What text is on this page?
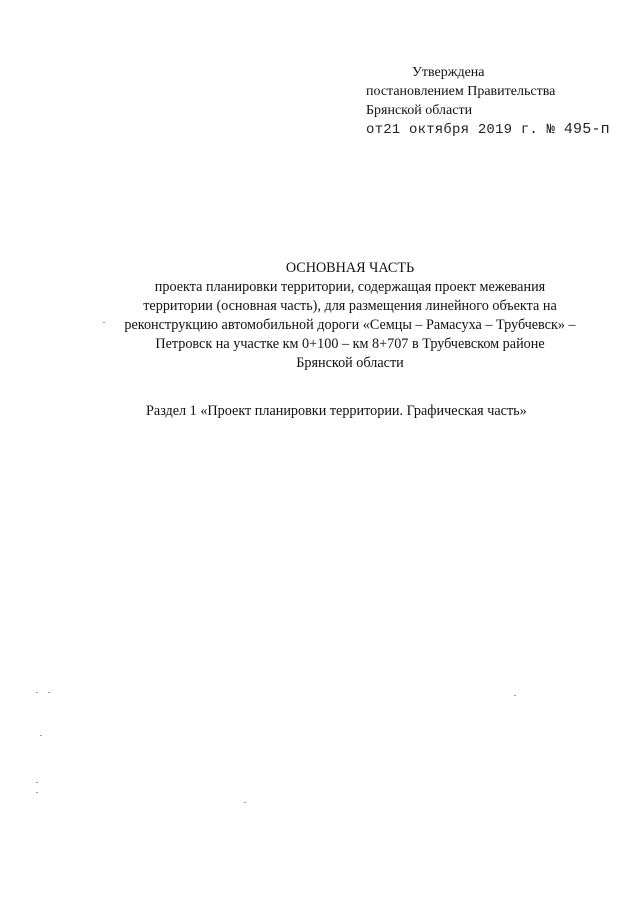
Утверждена
постановлением Правительства
Брянской области
от21 октября 2019 г. № 495-п
ОСНОВНАЯ ЧАСТЬ
проекта планировки территории, содержащая проект межевания
территории (основная часть), для размещения линейного объекта на
реконструкцию автомобильной дороги «Семцы – Рамасуха – Трубчевск» –
Петровск на участке км 0+100 – км 8+707 в Трубчевском районе
Брянской области
Раздел 1 «Проект планировки территории. Графическая часть»
